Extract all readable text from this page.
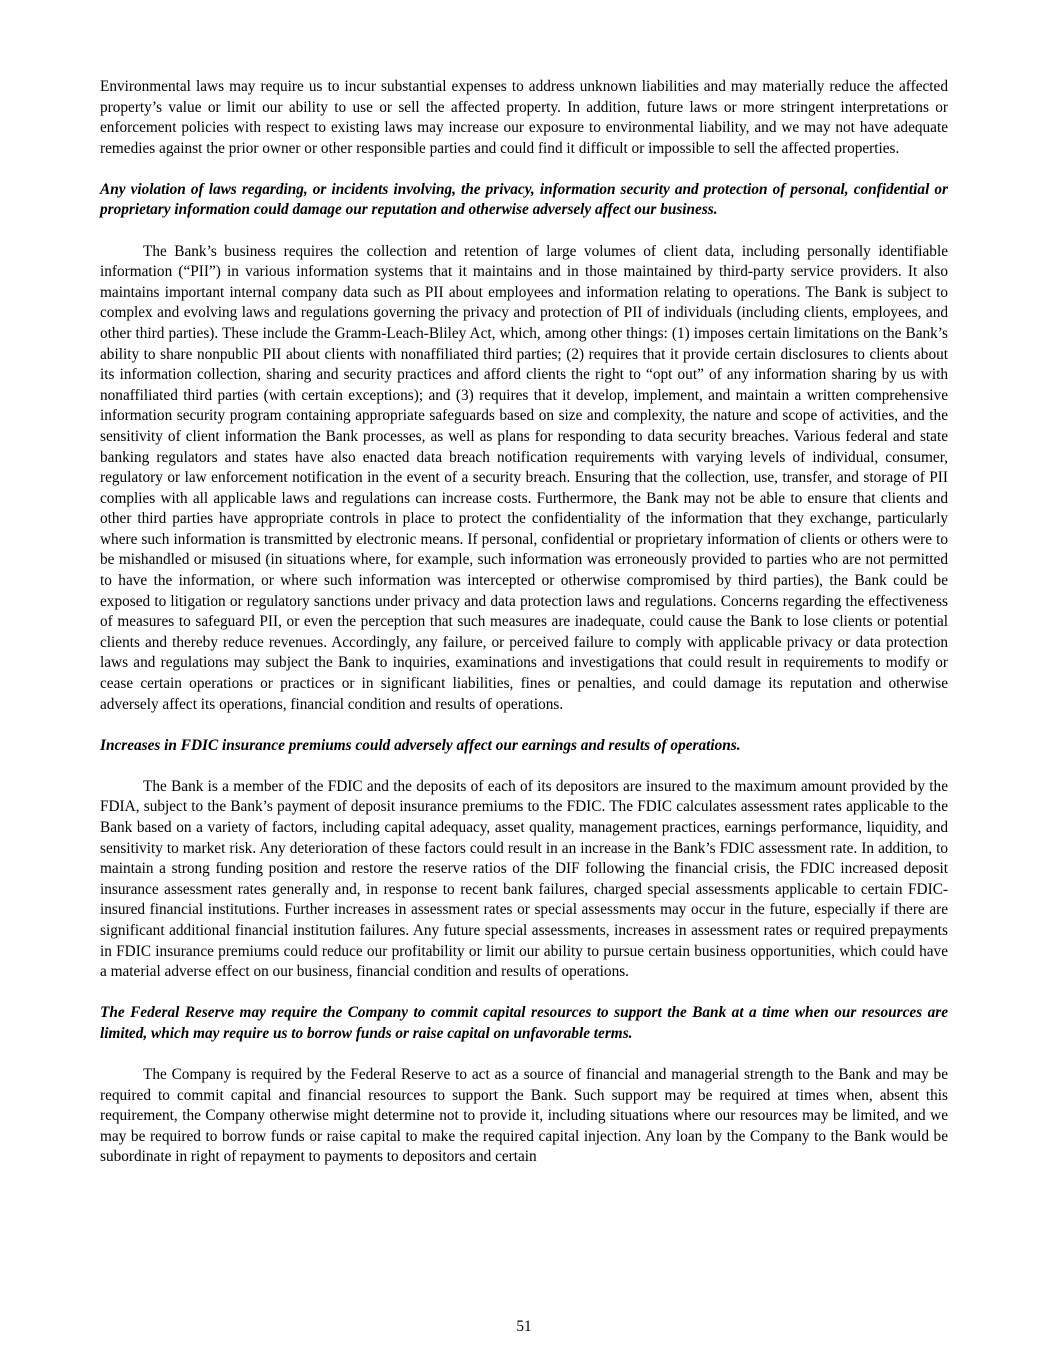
Environmental laws may require us to incur substantial expenses to address unknown liabilities and may materially reduce the affected property’s value or limit our ability to use or sell the affected property. In addition, future laws or more stringent interpretations or enforcement policies with respect to existing laws may increase our exposure to environmental liability, and we may not have adequate remedies against the prior owner or other responsible parties and could find it difficult or impossible to sell the affected properties.

Any violation of laws regarding, or incidents involving, the privacy, information security and protection of personal, confidential or proprietary information could damage our reputation and otherwise adversely affect our business.

The Bank’s business requires the collection and retention of large volumes of client data, including personally identifiable information (“PII”) in various information systems that it maintains and in those maintained by third-party service providers. It also maintains important internal company data such as PII about employees and information relating to operations. The Bank is subject to complex and evolving laws and regulations governing the privacy and protection of PII of individuals (including clients, employees, and other third parties). These include the Gramm-Leach-Bliley Act, which, among other things: (1) imposes certain limitations on the Bank’s ability to share nonpublic PII about clients with nonaffiliated third parties; (2) requires that it provide certain disclosures to clients about its information collection, sharing and security practices and afford clients the right to “opt out” of any information sharing by us with nonaffiliated third parties (with certain exceptions); and (3) requires that it develop, implement, and maintain a written comprehensive information security program containing appropriate safeguards based on size and complexity, the nature and scope of activities, and the sensitivity of client information the Bank processes, as well as plans for responding to data security breaches. Various federal and state banking regulators and states have also enacted data breach notification requirements with varying levels of individual, consumer, regulatory or law enforcement notification in the event of a security breach. Ensuring that the collection, use, transfer, and storage of PII complies with all applicable laws and regulations can increase costs. Furthermore, the Bank may not be able to ensure that clients and other third parties have appropriate controls in place to protect the confidentiality of the information that they exchange, particularly where such information is transmitted by electronic means. If personal, confidential or proprietary information of clients or others were to be mishandled or misused (in situations where, for example, such information was erroneously provided to parties who are not permitted to have the information, or where such information was intercepted or otherwise compromised by third parties), the Bank could be exposed to litigation or regulatory sanctions under privacy and data protection laws and regulations. Concerns regarding the effectiveness of measures to safeguard PII, or even the perception that such measures are inadequate, could cause the Bank to lose clients or potential clients and thereby reduce revenues. Accordingly, any failure, or perceived failure to comply with applicable privacy or data protection laws and regulations may subject the Bank to inquiries, examinations and investigations that could result in requirements to modify or cease certain operations or practices or in significant liabilities, fines or penalties, and could damage its reputation and otherwise adversely affect its operations, financial condition and results of operations.

Increases in FDIC insurance premiums could adversely affect our earnings and results of operations.

The Bank is a member of the FDIC and the deposits of each of its depositors are insured to the maximum amount provided by the FDIA, subject to the Bank’s payment of deposit insurance premiums to the FDIC. The FDIC calculates assessment rates applicable to the Bank based on a variety of factors, including capital adequacy, asset quality, management practices, earnings performance, liquidity, and sensitivity to market risk. Any deterioration of these factors could result in an increase in the Bank’s FDIC assessment rate. In addition, to maintain a strong funding position and restore the reserve ratios of the DIF following the financial crisis, the FDIC increased deposit insurance assessment rates generally and, in response to recent bank failures, charged special assessments applicable to certain FDIC-insured financial institutions. Further increases in assessment rates or special assessments may occur in the future, especially if there are significant additional financial institution failures. Any future special assessments, increases in assessment rates or required prepayments in FDIC insurance premiums could reduce our profitability or limit our ability to pursue certain business opportunities, which could have a material adverse effect on our business, financial condition and results of operations.

The Federal Reserve may require the Company to commit capital resources to support the Bank at a time when our resources are limited, which may require us to borrow funds or raise capital on unfavorable terms.

The Company is required by the Federal Reserve to act as a source of financial and managerial strength to the Bank and may be required to commit capital and financial resources to support the Bank. Such support may be required at times when, absent this requirement, the Company otherwise might determine not to provide it, including situations where our resources may be limited, and we may be required to borrow funds or raise capital to make the required capital injection. Any loan by the Company to the Bank would be subordinate in right of repayment to payments to depositors and certain

51
